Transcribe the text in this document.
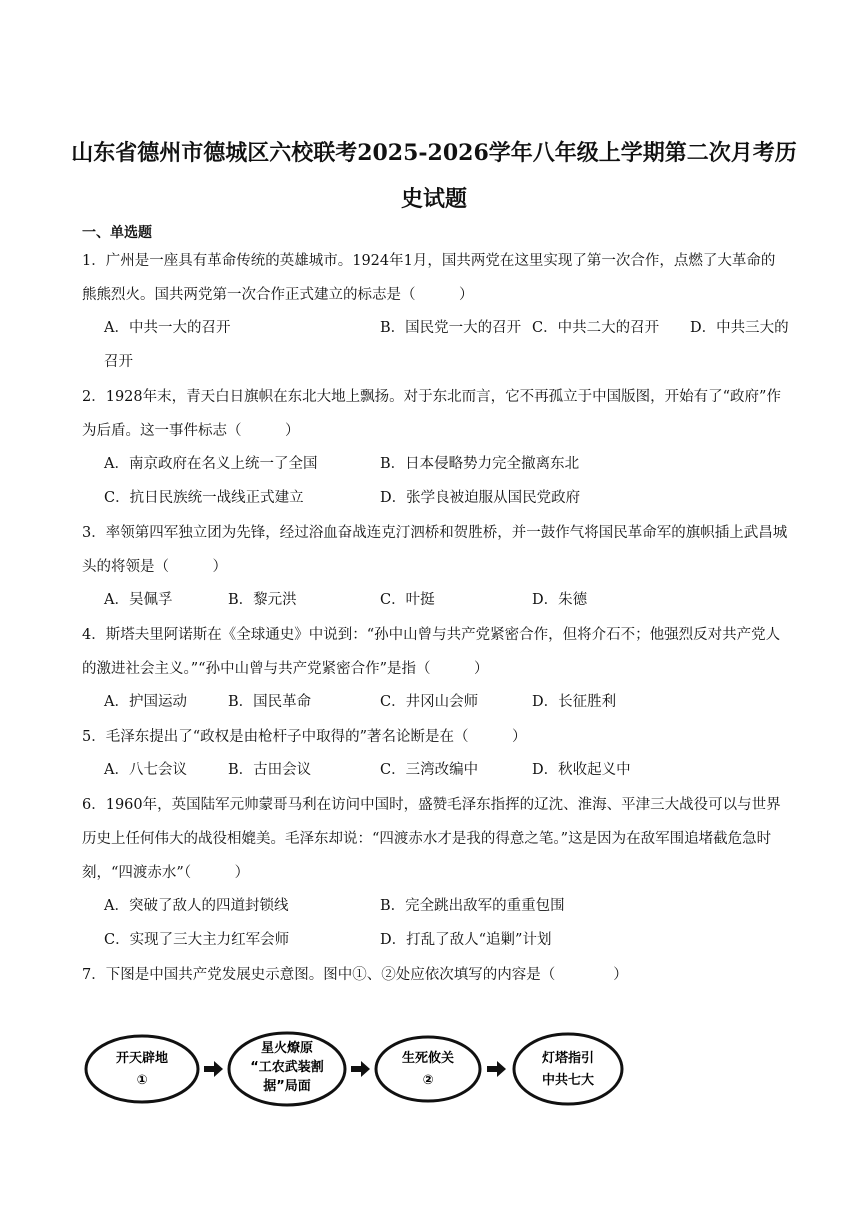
山东省德州市德城区六校联考2025-2026学年八年级上学期第二次月考历
史试题
一、单选题
1．广州是一座具有革命传统的英雄城市。1924年1月，国共两党在这里实现了第一次合作，点燃了大革命的熊熊烈火。国共两党第一次合作正式建立的标志是（　　　）
A．中共一大的召开	B．国民党一大的召开 C．中共二大的召开 D．中共三大的
召开
2．1928年末，青天白日旗帜在东北大地上飘扬。对于东北而言，它不再孤立于中国版图，开始有了“政府”作为后盾。这一事件标志（　　　）
A．南京政府在名义上统一了全国	B．日本侵略势力完全撤离东北
C．抗日民族统一战线正式建立	D．张学良被迫服从国民党政府
3．率领第四军独立团为先锋，经过浴血奋战连克汀泗桥和贺胜桥，并一鼓作气将国民革命军的旗帜插上武昌城头的将领是（　　　）
A．吴佩孚	B．黎元洪	C．叶挺	D．朱德
4．斯塔夫里阿诺斯在《全球通史》中说到：“孙中山曾与共产党紧密合作，但将介石不；他强烈反对共产党人的激进社会主义。”“孙中山曾与共产党紧密合作”是指（　　　）
A．护国运动	B．国民革命	C．井冈山会师	D．长征胜利
5．毛泽东提出了“政权是由枪杆子中取得的”著名论断是在（　　　）
A．八七会议	B．古田会议	C．三湾改编中	D．秋收起义中
6．1960年，英国陆军元帅蒙哥马利在访问中国时，盛赞毛泽东指挥的辽沈、淮海、平津三大战役可以与世界历史上任何伟大的战役相媲美。毛泽东却说：“四渡赤水才是我的得意之笔。”这是因为在敌军围追堵截危急时刻，“四渡赤水”（　　　）
A．突破了敌人的四道封锁线	B．完全跳出敌军的重重包围
C．实现了三大主力红军会师	D．打乱了敌人“追剿”计划
7．下图是中国共产党发展史示意图。图中①、②处应依次填写的内容是（　　　　）
开天辟地
①
星火燎原
“工农武装割
据”局面
生死攸关
②
灯塔指引
中共七大
